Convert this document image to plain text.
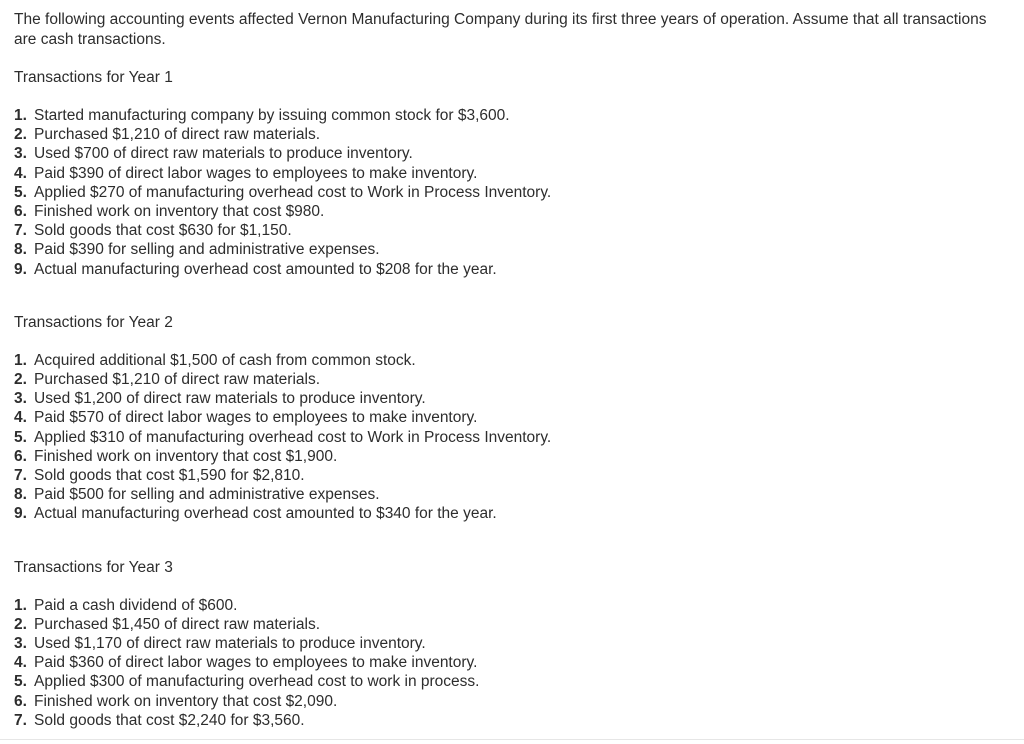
The following accounting events affected Vernon Manufacturing Company during its first three years of operation. Assume that all transactions are cash transactions.

Transactions for Year 1

1. Started manufacturing company by issuing common stock for $3,600.
2. Purchased $1,210 of direct raw materials.
3. Used $700 of direct raw materials to produce inventory.
4. Paid $390 of direct labor wages to employees to make inventory.
5. Applied $270 of manufacturing overhead cost to Work in Process Inventory.
6. Finished work on inventory that cost $980.
7. Sold goods that cost $630 for $1,150.
8. Paid $390 for selling and administrative expenses.
9. Actual manufacturing overhead cost amounted to $208 for the year.

Transactions for Year 2

1. Acquired additional $1,500 of cash from common stock.
2. Purchased $1,210 of direct raw materials.
3. Used $1,200 of direct raw materials to produce inventory.
4. Paid $570 of direct labor wages to employees to make inventory.
5. Applied $310 of manufacturing overhead cost to Work in Process Inventory.
6. Finished work on inventory that cost $1,900.
7. Sold goods that cost $1,590 for $2,810.
8. Paid $500 for selling and administrative expenses.
9. Actual manufacturing overhead cost amounted to $340 for the year.

Transactions for Year 3

1. Paid a cash dividend of $600.
2. Purchased $1,450 of direct raw materials.
3. Used $1,170 of direct raw materials to produce inventory.
4. Paid $360 of direct labor wages to employees to make inventory.
5. Applied $300 of manufacturing overhead cost to work in process.
6. Finished work on inventory that cost $2,090.
7. Sold goods that cost $2,240 for $3,560.
